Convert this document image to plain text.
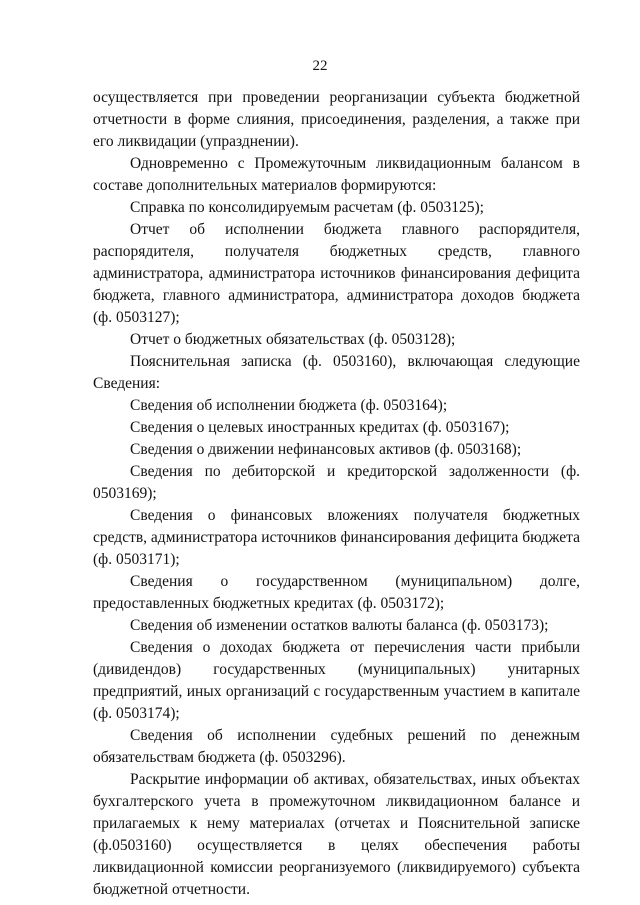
22

осуществляется при проведении реорганизации субъекта бюджетной отчетности в форме слияния, присоединения, разделения, а также при его ликвидации (упразднении).

Одновременно с Промежуточным ликвидационным балансом в составе дополнительных материалов формируются:

Справка по консолидируемым расчетам (ф. 0503125);

Отчет об исполнении бюджета главного распорядителя, распорядителя, получателя бюджетных средств, главного администратора, администратора источников финансирования дефицита бюджета, главного администратора, администратора доходов бюджета (ф. 0503127);

Отчет о бюджетных обязательствах (ф. 0503128);

Пояснительная записка (ф. 0503160), включающая следующие Сведения:

Сведения об исполнении бюджета (ф. 0503164);

Сведения о целевых иностранных кредитах (ф. 0503167);

Сведения о движении нефинансовых активов (ф. 0503168);

Сведения по дебиторской и кредиторской задолженности (ф. 0503169);

Сведения о финансовых вложениях получателя бюджетных средств, администратора источников финансирования дефицита бюджета (ф. 0503171);

Сведения о государственном (муниципальном) долге, предоставленных бюджетных кредитах (ф. 0503172);

Сведения об изменении остатков валюты баланса (ф. 0503173);

Сведения о доходах бюджета от перечисления части прибыли (дивидендов) государственных (муниципальных) унитарных предприятий, иных организаций с государственным участием в капитале (ф. 0503174);

Сведения об исполнении судебных решений по денежным обязательствам бюджета (ф. 0503296).

Раскрытие информации об активах, обязательствах, иных объектах бухгалтерского учета в промежуточном ликвидационном балансе и прилагаемых к нему материалах (отчетах и Пояснительной записке (ф.0503160) осуществляется в целях обеспечения работы ликвидационной комиссии реорганизуемого (ликвидируемого) субъекта бюджетной отчетности.
